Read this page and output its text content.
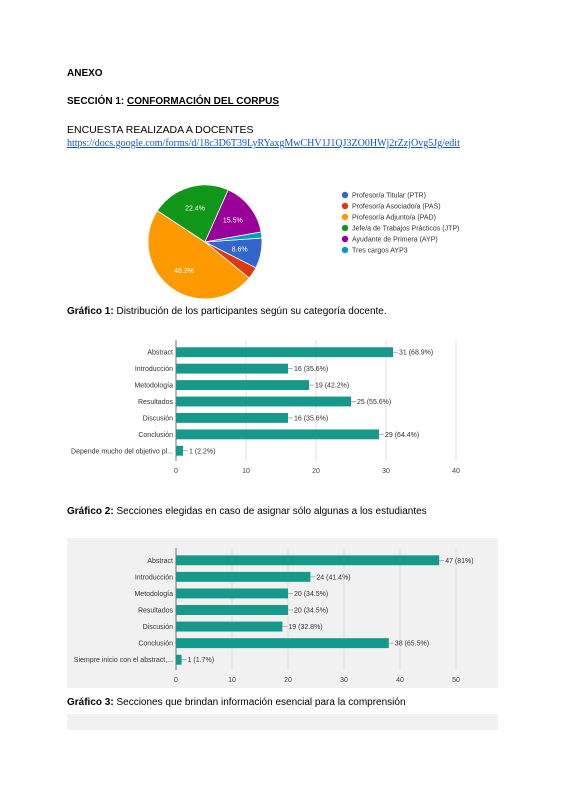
ANEXO
SECCIÓN 1: CONFORMACIÓN DEL CORPUS
ENCUESTA REALIZADA A DOCENTES
https://docs.google.com/forms/d/18c3D6T39LyRYaxgMwCHV1J1QJ3ZO0HWj2rZzjOvg5Jg/edit
8.6%
48.3%
22.4%
15.5%
Profesor/a Titular (PTR)
Profesor/a Asociado/a (PAS)
Profesor/a Adjunto/a (PAD)
Jefe/a de Trabajos Prácticos (JTP)
Ayudante de Primera (AYP)
Tres cargos AYP3
Gráfico 1: Distribución de los participantes según su categoría docente.
0	10	20	30	40
Abstract	31 (68.9%)
Introducción	16 (35.6%)
Metodología	19 (42.2%)
Resultados	25 (55.6%)
Discusión	16 (35.6%)
Conclusión	29 (64.4%)
Depende mucho del objetivo pl... 1 (2.2%)
Gráfico 2: Secciones elegidas en caso de asignar sólo algunas a los estudiantes
0	10	20	30	40	50
Abstract	47 (81%)
Introducción	24 (41.4%)
Metodología	20 (34.5%)
Resultados	20 (34.5%)
Discusión	19 (32.8%)
Conclusión	38 (65.5%)
Siempre inicio con el abstract,... 1 (1.7%)
Gráfico 3: Secciones que brindan información esencial para la comprensión
